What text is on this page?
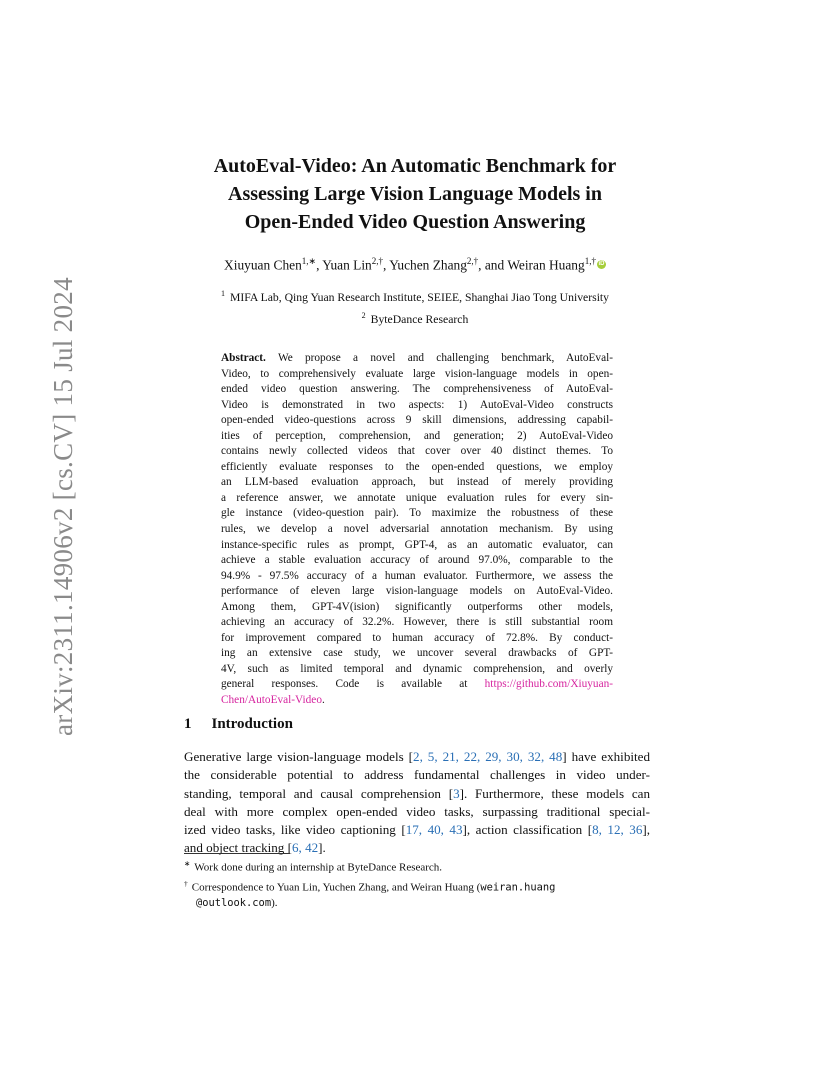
arXiv:2311.14906v2 [cs.CV] 15 Jul 2024
AutoEval-Video: An Automatic Benchmark for
Assessing Large Vision Language Models in
Open-Ended Video Question Answering
Xiuyuan Chen$^{1,∗}$, Yuan Lin$^{2,\dagger}$, Yuchen Zhang$^{2,\dagger}$, and Weiran Huang$^{1,\dagger}$ iD
$^1$ MIFA Lab, Qing Yuan Research Institute, SEIEE, Shanghai Jiao Tong University
$^2$ ByteDance Research
Abstract. We propose a novel and challenging benchmark, AutoEval-
Video, to comprehensively evaluate large vision-language models in open-
ended video question answering. The comprehensiveness of AutoEval-
Video is demonstrated in two aspects: 1) AutoEval-Video constructs
open-ended video-questions across 9 skill dimensions, addressing capabil-
ities of perception, comprehension, and generation; 2) AutoEval-Video
contains newly collected videos that cover over 40 distinct themes. To
efficiently evaluate responses to the open-ended questions, we employ
an LLM-based evaluation approach, but instead of merely providing
a reference answer, we annotate unique evaluation rules for every sin-
gle instance (video-question pair). To maximize the robustness of these
rules, we develop a novel adversarial annotation mechanism. By using
instance-specific rules as prompt, GPT-4, as an automatic evaluator, can
achieve a stable evaluation accuracy of around 97.0%, comparable to the
94.9% - 97.5% accuracy of a human evaluator. Furthermore, we assess the
performance of eleven large vision-language models on AutoEval-Video.
Among them, GPT-4V(ision) significantly outperforms other models,
achieving an accuracy of 32.2%. However, there is still substantial room
for improvement compared to human accuracy of 72.8%. By conduct-
ing an extensive case study, we uncover several drawbacks of GPT-
4V, such as limited temporal and dynamic comprehension, and overly
general responses. Code is available at https://github.com/Xiuyuan-
Chen/AutoEval-Video.
1 Introduction
Generative large vision-language models [2, 5, 21, 22, 29, 30, 32, 48] have exhibited
the considerable potential to address fundamental challenges in video under-
standing, temporal and causal comprehension [3]. Furthermore, these models can
deal with more complex open-ended video tasks, surpassing traditional special-
ized video tasks, like video captioning [17, 40, 43], action classification [8, 12, 36],
and object tracking [6, 42].
∗ Work done during an internship at ByteDance Research.
† Correspondence to Yuan Lin, Yuchen Zhang, and Weiran Huang (weiran.huang
@outlook.com).
